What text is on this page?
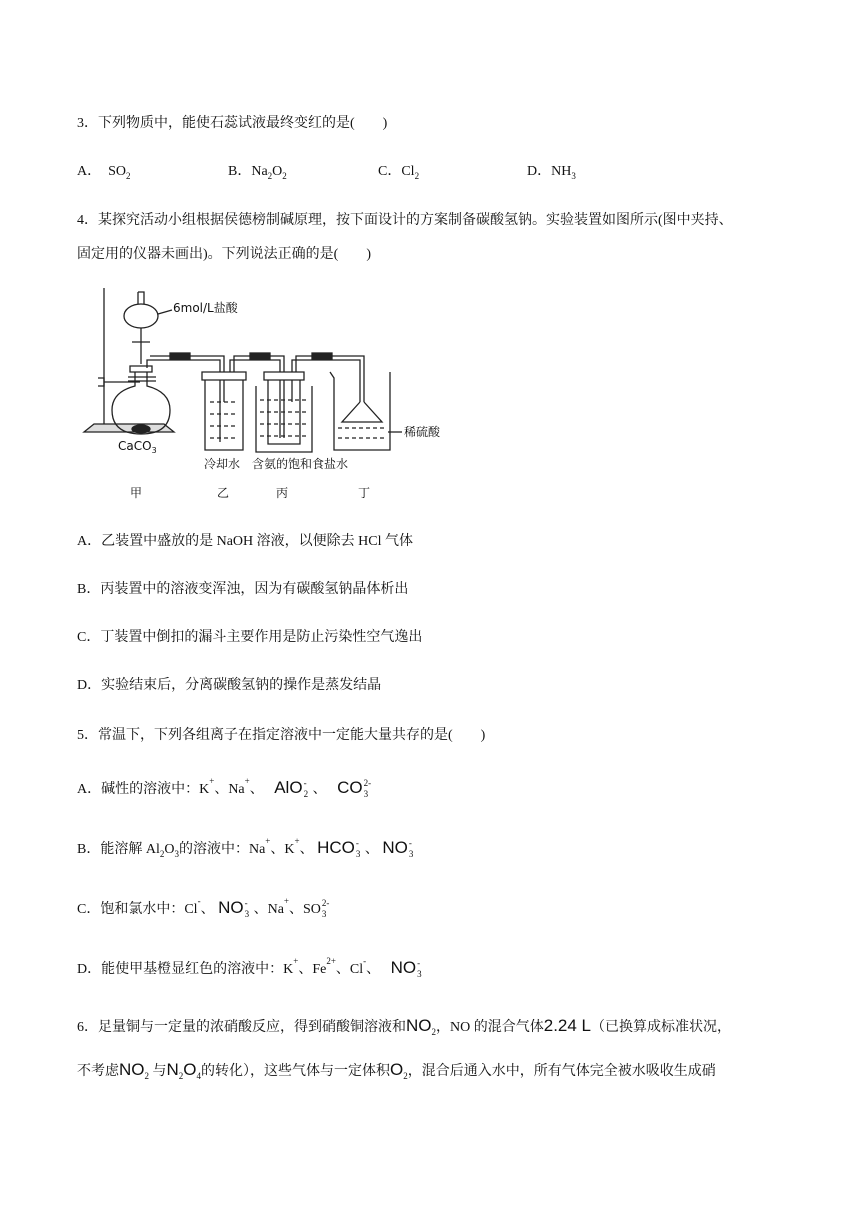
3．下列物质中，能使石蕊试液最终变红的是(　　)
A． $SO_2$	B．$Na_2O_2$	C．$Cl_2$	D．$NH_3$
4．某探究活动小组根据侯德榜制碱原理，按下面设计的方案制备碳酸氢钠。实验装置如图所示(图中夹持、
固定用的仪器未画出)。下列说法正确的是(　　)
6mol/L盐酸
CaCO$_3$
稀硫酸
冷却水 含氨的饱和食盐水
甲	乙	丙	丁
A．乙装置中盛放的是 NaOH 溶液，以便除去 HCl 气体
B．丙装置中的溶液变浑浊，因为有碳酸氢钠晶体析出
C．丁装置中倒扣的漏斗主要作用是防止污染性空气逸出
D．实验结束后，分离碳酸氢钠的操作是蒸发结晶
5．常温下，下列各组离子在指定溶液中一定能大量共存的是(　　)
A．碱性的溶液中：K+、Na+、 AlO -
2 、 CO 2-
3
B．能溶解 $Al_2O_3$的溶液中：Na+、K+、 HCO -
3 、 NO -
3
C．饱和氯水中：Cl-、 NO -
3 、Na+、SO 2-
3
D．能使甲基橙显红色的溶液中：K+、$Fe^{2+}$、Cl-、 NO -
3
6．足量铜与一定量的浓硝酸反应，得到硝酸铜溶液和$NO_2$，NO 的混合气体2.24 L（已换算成标准状况，
不考虑$NO_2$ 与$N_2O_4$的转化），这些气体与一定体积$O_2$，混合后通入水中，所有气体完全被水吸收生成硝
